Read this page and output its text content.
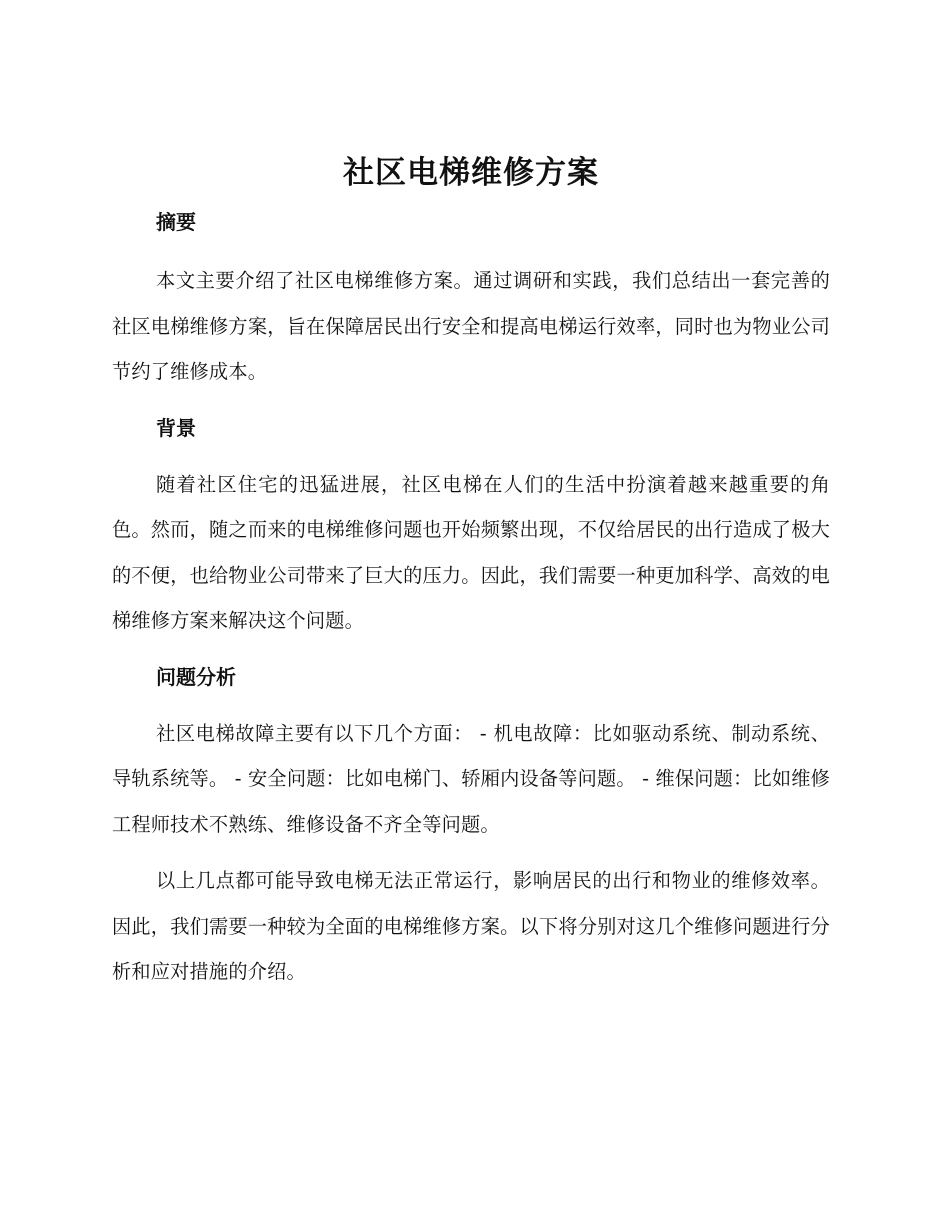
社区电梯维修方案
摘要

本文主要介绍了社区电梯维修方案。通过调研和实践，我们总结出一套完善的社区电梯维修方案，旨在保障居民出行安全和提高电梯运行效率，同时也为物业公司节约了维修成本。

背景

随着社区住宅的迅猛进展，社区电梯在人们的生活中扮演着越来越重要的角色。然而，随之而来的电梯维修问题也开始频繁出现，不仅给居民的出行造成了极大的不便，也给物业公司带来了巨大的压力。因此，我们需要一种更加科学、高效的电梯维修方案来解决这个问题。

问题分析

社区电梯故障主要有以下几个方面： - 机电故障：比如驱动系统、制动系统、导轨系统等。 - 安全问题：比如电梯门、轿厢内设备等问题。 - 维保问题：比如维修工程师技术不熟练、维修设备不齐全等问题。

以上几点都可能导致电梯无法正常运行，影响居民的出行和物业的维修效率。因此，我们需要一种较为全面的电梯维修方案。以下将分别对这几个维修问题进行分析和应对措施的介绍。
